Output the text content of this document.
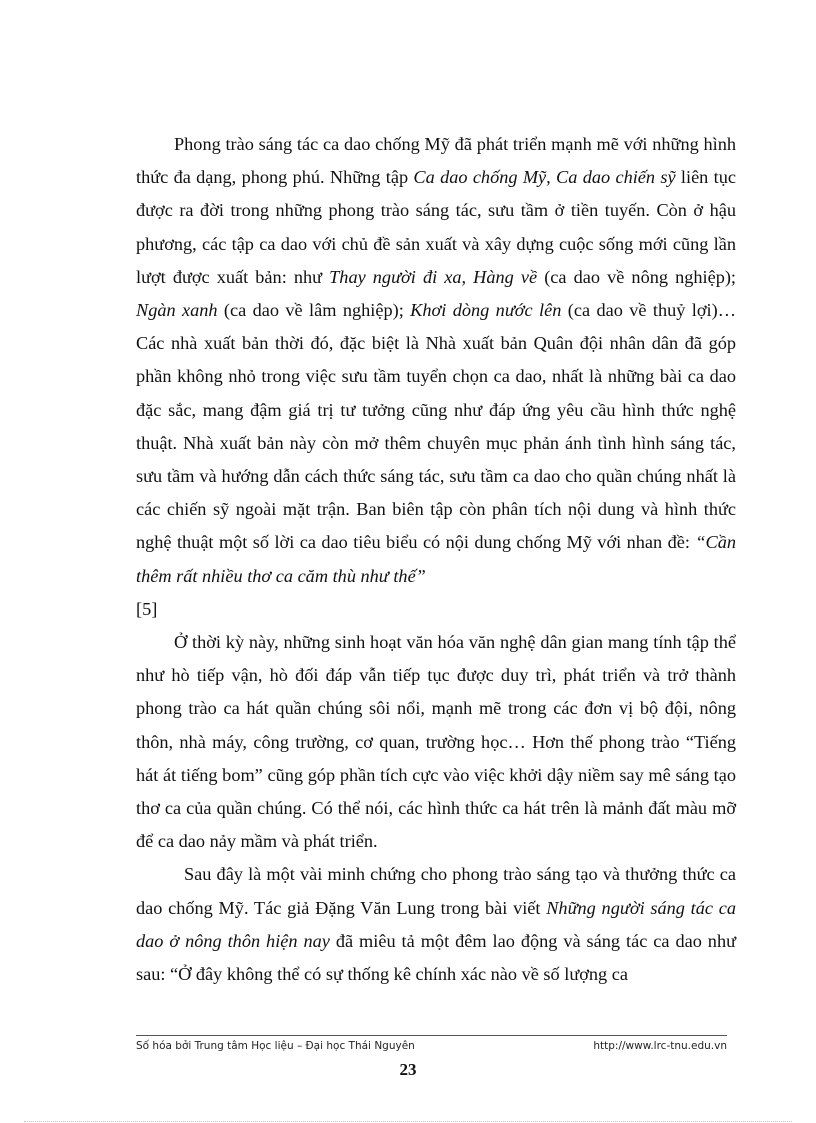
Phong trào sáng tác ca dao chống Mỹ đã phát triển mạnh mẽ với những hình thức đa dạng, phong phú. Những tập Ca dao chống Mỹ, Ca dao chiến sỹ liên tục được ra đời trong những phong trào sáng tác, sưu tầm ở tiền tuyến. Còn ở hậu phương, các tập ca dao với chủ đề sản xuất và xây dựng cuộc sống mới cũng lần lượt được xuất bản: như Thay người đi xa, Hàng về (ca dao về nông nghiệp); Ngàn xanh (ca dao về lâm nghiệp); Khơi dòng nước lên (ca dao về thuỷ lợi)…Các nhà xuất bản thời đó, đặc biệt là Nhà xuất bản Quân đội nhân dân đã góp phần không nhỏ trong việc sưu tầm tuyển chọn ca dao, nhất là những bài ca dao đặc sắc, mang đậm giá trị tư tưởng cũng như đáp ứng yêu cầu hình thức nghệ thuật. Nhà xuất bản này còn mở thêm chuyên mục phản ánh tình hình sáng tác, sưu tầm và hướng dẫn cách thức sáng tác, sưu tầm ca dao cho quần chúng nhất là các chiến sỹ ngoài mặt trận. Ban biên tập còn phân tích nội dung và hình thức nghệ thuật một số lời ca dao tiêu biểu có nội dung chống Mỹ với nhan đề: “Cần thêm rất nhiều thơ ca căm thù như thế”

[5]

Ở thời kỳ này, những sinh hoạt văn hóa văn nghệ dân gian mang tính tập thể như hò tiếp vận, hò đối đáp vẫn tiếp tục được duy trì, phát triển và trở thành phong trào ca hát quần chúng sôi nổi, mạnh mẽ trong các đơn vị bộ đội, nông thôn, nhà máy, công trường, cơ quan, trường học… Hơn thế phong trào “Tiếng hát át tiếng bom” cũng góp phần tích cực vào việc khởi dậy niềm say mê sáng tạo thơ ca của quần chúng. Có thể nói, các hình thức ca hát trên là mảnh đất màu mỡ để ca dao nảy mầm và phát triển.

Sau đây là một vài minh chứng cho phong trào sáng tạo và thưởng thức ca dao chống Mỹ. Tác giả Đặng Văn Lung trong bài viết Những người sáng tác ca dao ở nông thôn hiện nay đã miêu tả một đêm lao động và sáng tác ca dao như sau: “Ở đây không thể có sự thống kê chính xác nào về số lượng ca

Số hóa bởi Trung tâm Học liệu – Đại học Thái Nguyên	http://www.lrc-tnu.edu.vn
23
